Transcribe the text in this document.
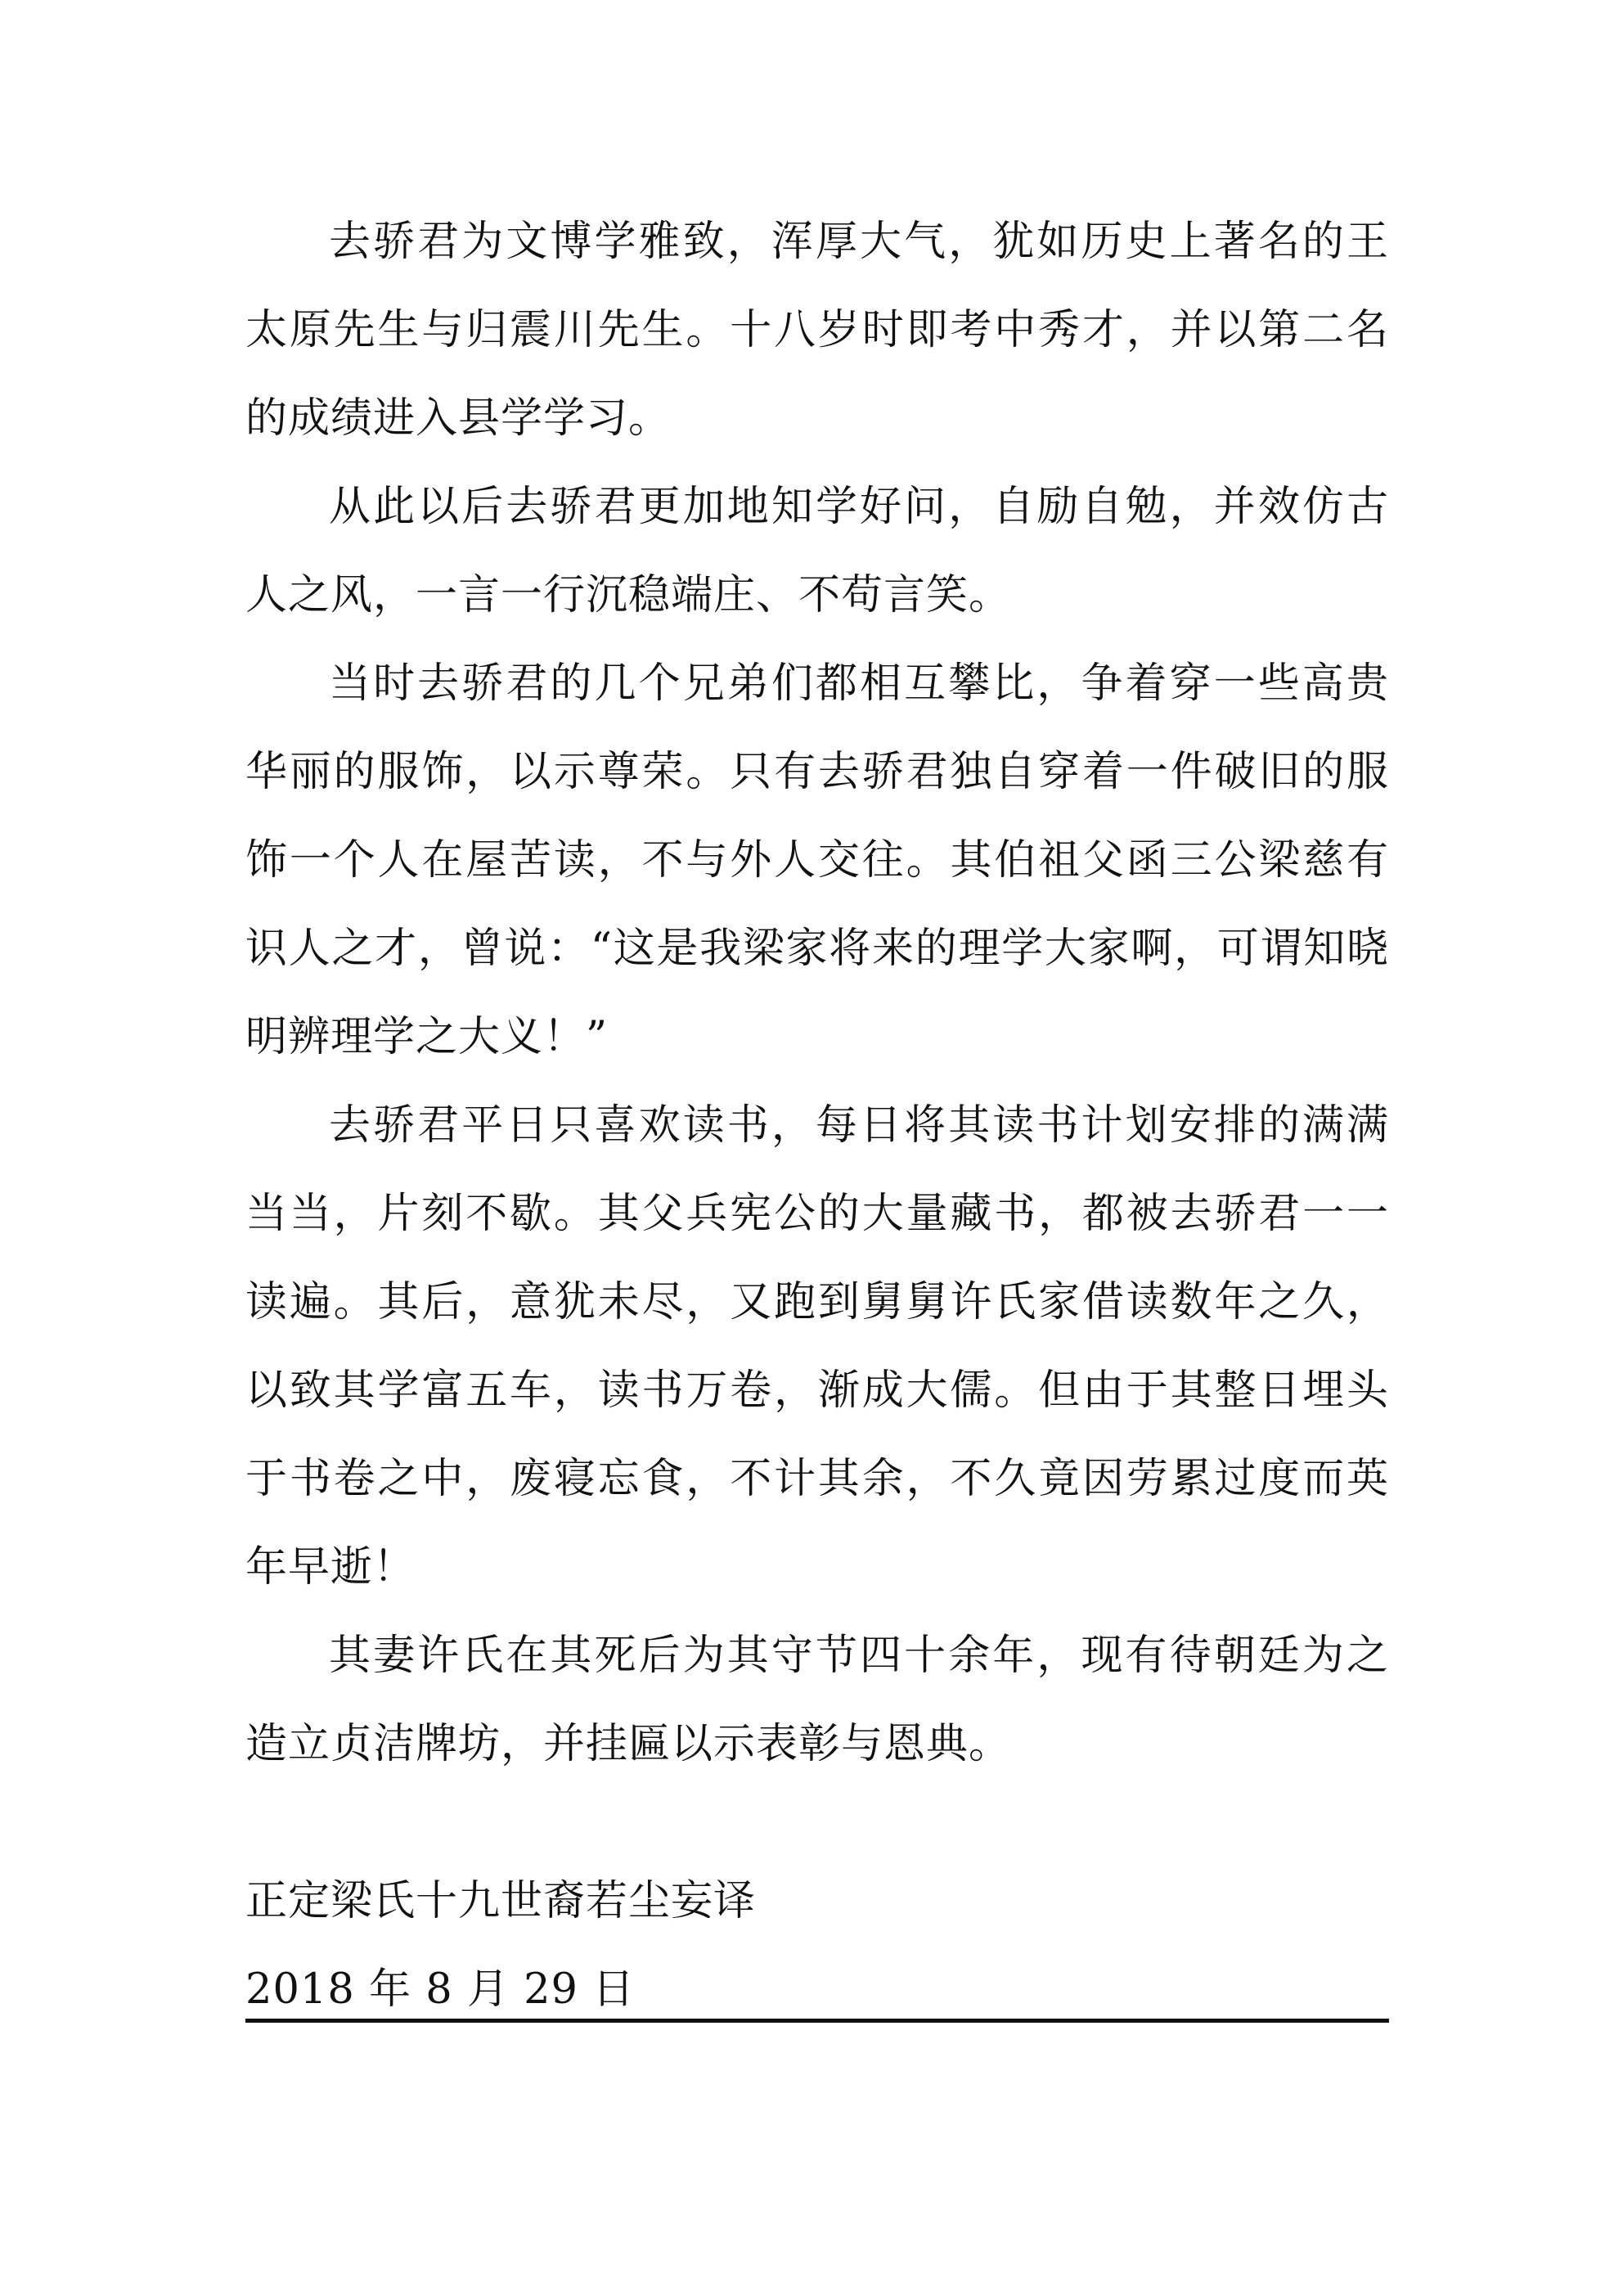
去骄君为文博学雅致，浑厚大气，犹如历史上著名的王太原先生与归震川先生。十八岁时即考中秀才，并以第二名的成绩进入县学学习。

从此以后去骄君更加地知学好问，自励自勉，并效仿古人之风，一言一行沉稳端庄、不苟言笑。

当时去骄君的几个兄弟们都相互攀比，争着穿一些高贵华丽的服饰，以示尊荣。只有去骄君独自穿着一件破旧的服饰一个人在屋苦读，不与外人交往。其伯祖父函三公梁慈有识人之才，曾说：“这是我梁家将来的理学大家啊，可谓知晓明辨理学之大义！”

去骄君平日只喜欢读书，每日将其读书计划安排的满满当当，片刻不歇。其父兵宪公的大量藏书，都被去骄君一一读遍。其后，意犹未尽，又跑到舅舅许氏家借读数年之久，以致其学富五车，读书万卷，渐成大儒。但由于其整日埋头于书卷之中，废寝忘食，不计其余，不久竟因劳累过度而英年早逝！

其妻许氏在其死后为其守节四十余年，现有待朝廷为之造立贞洁牌坊，并挂匾以示表彰与恩典。

正定梁氏十九世裔若尘妄译

2018 年 8 月 29 日
